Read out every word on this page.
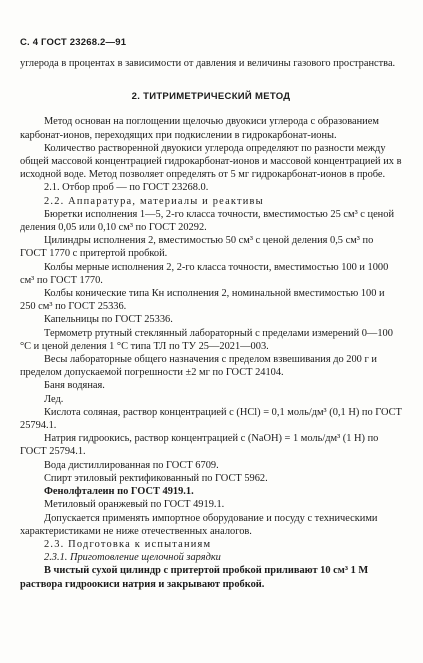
С. 4 ГОСТ 23268.2—91

углерода в процентах в зависимости от давления и величины газового пространства.

2. ТИТРИМЕТРИЧЕСКИЙ МЕТОД

Метод основан на поглощении щелочью двуокиси углерода с образованием карбонат-ионов, переходящих при подкислении в гидрокарбонат-ионы.

Количество растворенной двуокиси углерода определяют по разности между общей массовой концентрацией гидрокарбонат-ионов и массовой концентрацией их в исходной воде. Метод позволяет определять от 5 мг гидрокарбонат-ионов в пробе.

2.1. Отбор проб — по ГОСТ 23268.0.

2.2. Аппаратура, материалы и реактивы

Бюретки исполнения 1—5, 2-го класса точности, вместимостью 25 см³ с ценой деления 0,05 или 0,10 см³ по ГОСТ 20292.

Цилиндры исполнения 2, вместимостью 50 см³ с ценой деления 0,5 см³ по ГОСТ 1770 с притертой пробкой.

Колбы мерные исполнения 2, 2-го класса точности, вместимостью 100 и 1000 см³ по ГОСТ 1770.

Колбы конические типа Кн исполнения 2, номинальной вместимостью 100 и 250 см³ по ГОСТ 25336.

Капельницы по ГОСТ 25336.

Термометр ртутный стеклянный лабораторный с пределами измерений 0—100 °С и ценой деления 1 °С типа ТЛ по ТУ 25—2021—003.

Весы лабораторные общего назначения с пределом взвешивания до 200 г и пределом допускаемой погрешности ±2 мг по ГОСТ 24104.

Баня водяная.

Лед.

Кислота соляная, раствор концентрацией c (HCl) = 0,1 моль/дм³ (0,1 Н) по ГОСТ 25794.1.

Натрия гидроокись, раствор концентрацией c (NaOH) = 1 моль/дм³ (1 Н) по ГОСТ 25794.1.

Вода дистиллированная по ГОСТ 6709.

Спирт этиловый ректификованный по ГОСТ 5962.

Фенолфталеин по ГОСТ 4919.1.

Метиловый оранжевый по ГОСТ 4919.1.

Допускается применять импортное оборудование и посуду с техническими характеристиками не ниже отечественных аналогов.

2.3. Подготовка к испытаниям

2.3.1. Приготовление щелочной зарядки

В чистый сухой цилиндр с притертой пробкой приливают 10 см³ 1 М раствора гидроокиси натрия и закрывают пробкой.
